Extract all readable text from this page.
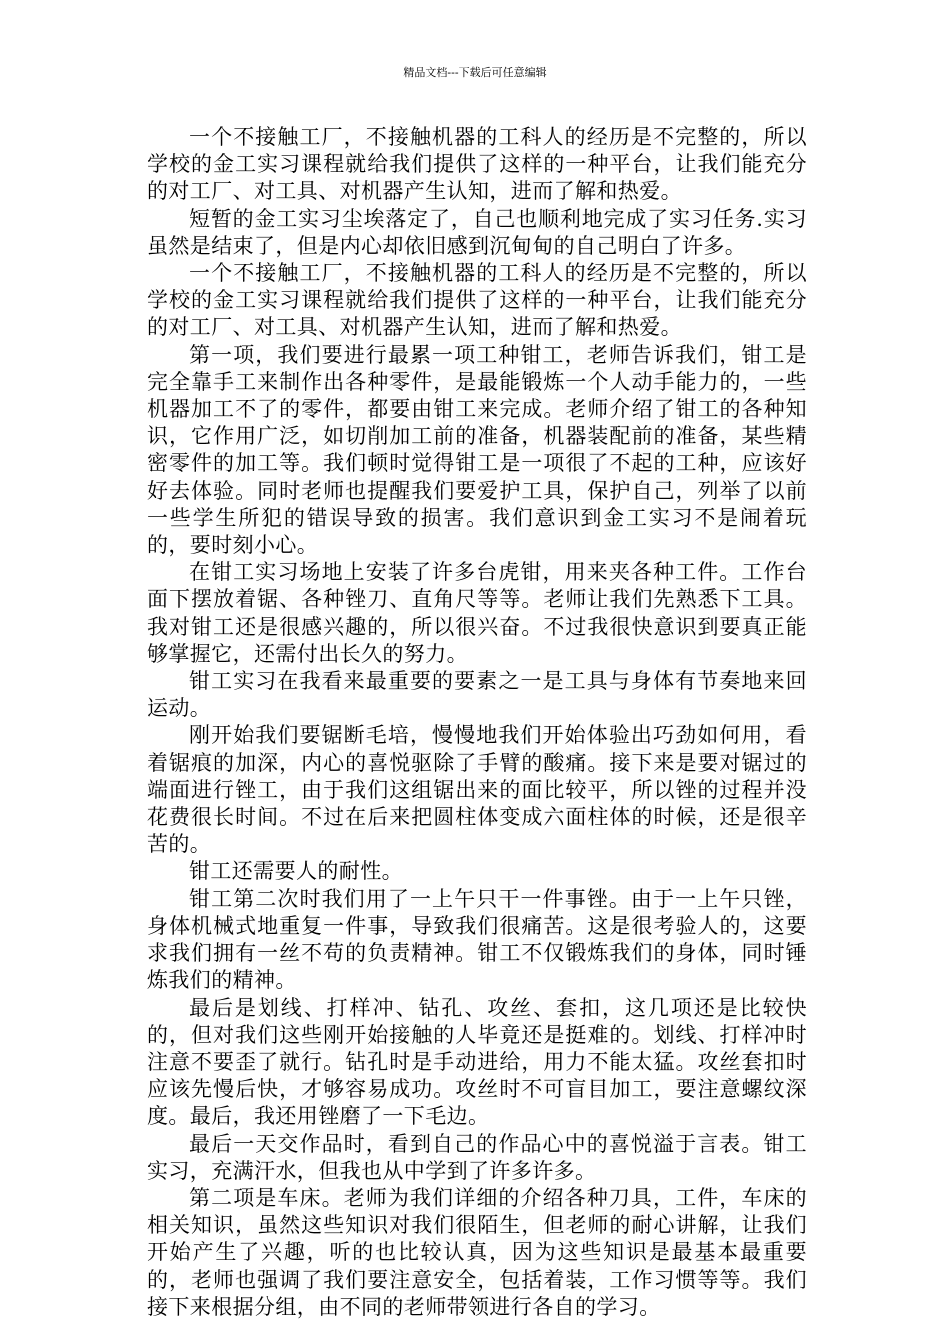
精品文档---下载后可任意编辑

一个不接触工厂，不接触机器的工科人的经历是不完整的，所以学校的金工实习课程就给我们提供了这样的一种平台，让我们能充分的对工厂、对工具、对机器产生认知，进而了解和热爱。

短暂的金工实习尘埃落定了，自己也顺利地完成了实习任务.实习虽然是结束了，但是内心却依旧感到沉甸甸的自己明白了许多。

一个不接触工厂，不接触机器的工科人的经历是不完整的，所以学校的金工实习课程就给我们提供了这样的一种平台，让我们能充分的对工厂、对工具、对机器产生认知，进而了解和热爱。

第一项，我们要进行最累一项工种钳工，老师告诉我们，钳工是完全靠手工来制作出各种零件，是最能锻炼一个人动手能力的，一些机器加工不了的零件，都要由钳工来完成。老师介绍了钳工的各种知识，它作用广泛，如切削加工前的准备，机器装配前的准备，某些精密零件的加工等。我们顿时觉得钳工是一项很了不起的工种，应该好好去体验。同时老师也提醒我们要爱护工具，保护自己，列举了以前一些学生所犯的错误导致的损害。我们意识到金工实习不是闹着玩的，要时刻小心。

在钳工实习场地上安装了许多台虎钳，用来夹各种工件。工作台面下摆放着锯、各种锉刀、直角尺等等。老师让我们先熟悉下工具。我对钳工还是很感兴趣的，所以很兴奋。不过我很快意识到要真正能够掌握它，还需付出长久的努力。

钳工实习在我看来最重要的要素之一是工具与身体有节奏地来回运动。

刚开始我们要锯断毛培，慢慢地我们开始体验出巧劲如何用，看着锯痕的加深，内心的喜悦驱除了手臂的酸痛。接下来是要对锯过的端面进行锉工，由于我们这组锯出来的面比较平，所以锉的过程并没花费很长时间。不过在后来把圆柱体变成六面柱体的时候，还是很辛苦的。

钳工还需要人的耐性。

钳工第二次时我们用了一上午只干一件事锉。由于一上午只锉，身体机械式地重复一件事，导致我们很痛苦。这是很考验人的，这要求我们拥有一丝不苟的负责精神。钳工不仅锻炼我们的身体，同时锤炼我们的精神。

最后是划线、打样冲、钻孔、攻丝、套扣，这几项还是比较快的，但对我们这些刚开始接触的人毕竟还是挺难的。划线、打样冲时注意不要歪了就行。钻孔时是手动进给，用力不能太猛。攻丝套扣时应该先慢后快，才够容易成功。攻丝时不可盲目加工，要注意螺纹深度。最后，我还用锉磨了一下毛边。

最后一天交作品时，看到自己的作品心中的喜悦溢于言表。钳工实习，充满汗水，但我也从中学到了许多许多。

第二项是车床。老师为我们详细的介绍各种刀具，工件，车床的相关知识，虽然这些知识对我们很陌生，但老师的耐心讲解，让我们开始产生了兴趣，听的也比较认真，因为这些知识是最基本最重要的，老师也强调了我们要注意安全，包括着装，工作习惯等等。我们接下来根据分组，由不同的老师带领进行各自的学习。
